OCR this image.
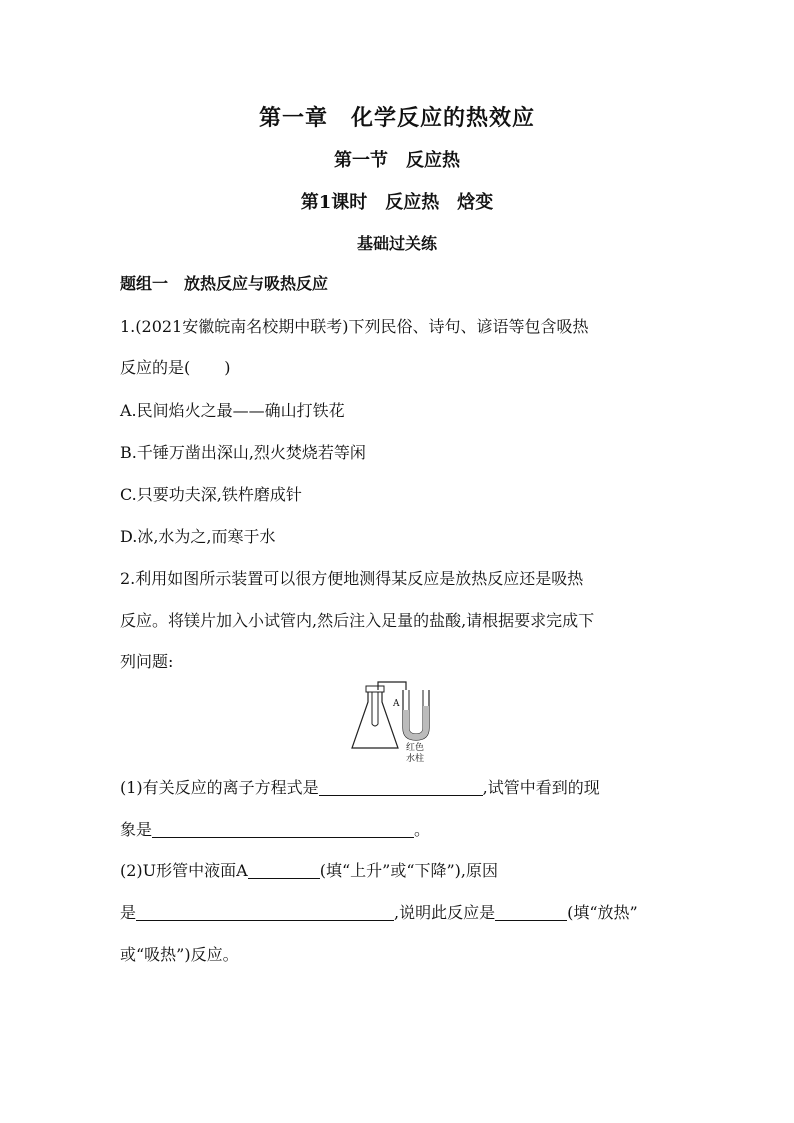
第一章　化学反应的热效应
第一节　反应热
第1课时　反应热　焓变
基础过关练
题组一　放热反应与吸热反应
1.(2021安徽皖南名校期中联考)下列民俗、诗句、谚语等包含吸热
反应的是( )
A.民间焰火之最——确山打铁花
B.千锤万凿出深山,烈火焚烧若等闲
C.只要功夫深,铁杵磨成针
D.冰,水为之,而寒于水
2.利用如图所示装置可以很方便地测得某反应是放热反应还是吸热
反应。将镁片加入小试管内,然后注入足量的盐酸,请根据要求完成下
列问题:
A
红色
水柱
(1)有关反应的离子方程式是	,试管中看到的现
象是	。
(2)U形管中液面A	(填“上升”或“下降”),原因
是	,说明此反应是	(填“放热”
或“吸热”)反应。
